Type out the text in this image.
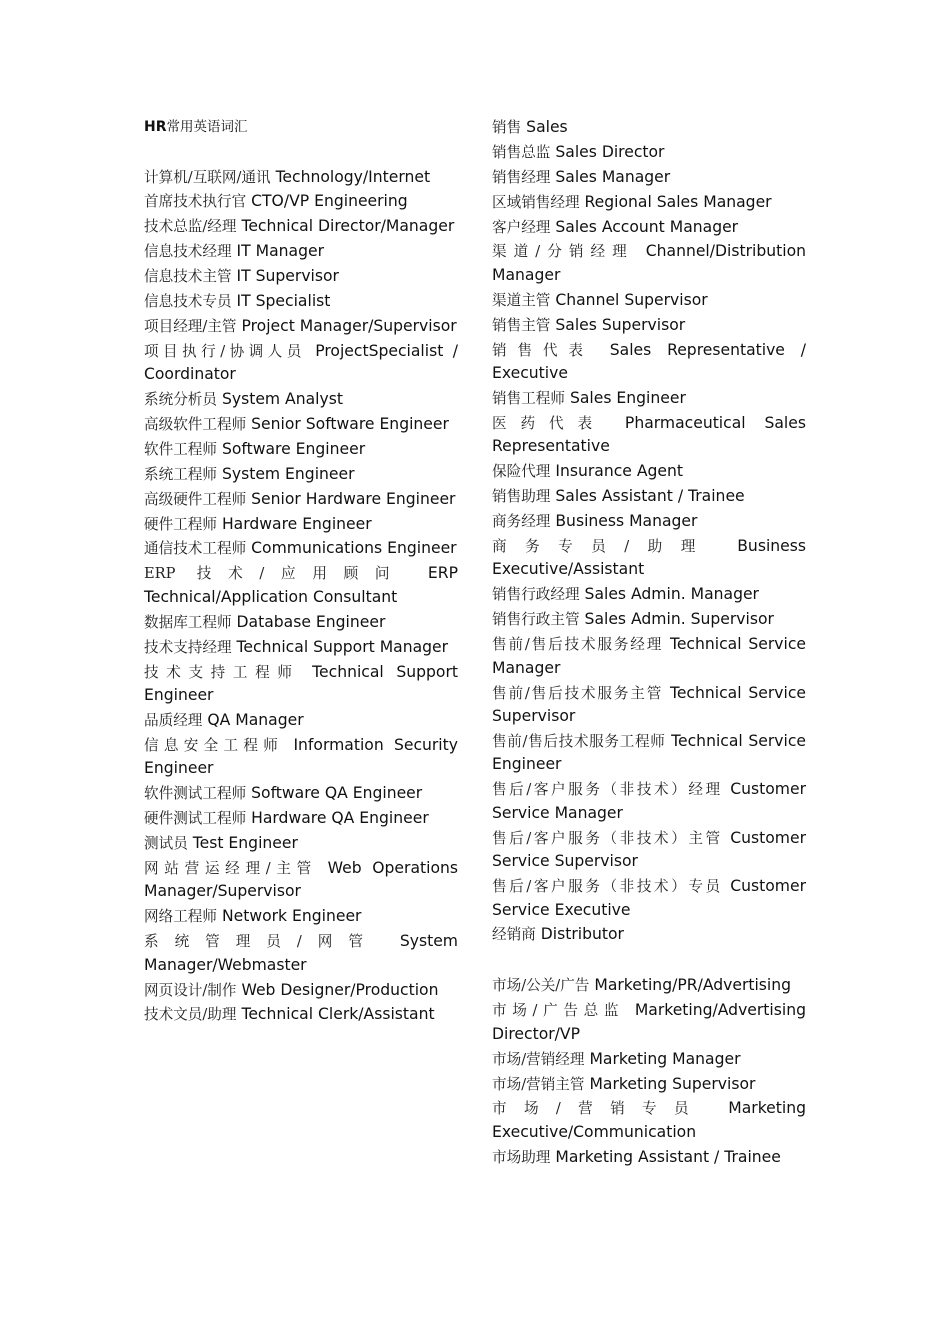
HR常用英语词汇
计算机/互联网/通讯 Technology/Internet
首席技术执行官 CTO/VP Engineering
技术总监/经理 Technical Director/Manager
信息技术经理 IT Manager
信息技术主管 IT Supervisor
信息技术专员 IT Specialist
项目经理/主管 Project Manager/Supervisor
项目执行/协调人员 ProjectSpecialist / Coordinator
系统分析员 System Analyst
高级软件工程师 Senior Software Engineer
软件工程师 Software Engineer
系统工程师 System Engineer
高级硬件工程师 Senior Hardware Engineer
硬件工程师 Hardware Engineer
通信技术工程师 Communications Engineer
ERP 技术/应用顾问 ERP Technical/Application Consultant
数据库工程师 Database Engineer
技术支持经理 Technical Support Manager
技术支持工程师 Technical Support Engineer
品质经理 QA Manager
信息安全工程师 Information Security Engineer
软件测试工程师 Software QA Engineer
硬件测试工程师 Hardware QA Engineer
测试员 Test Engineer
网站营运经理/主管 Web Operations Manager/Supervisor
网络工程师 Network Engineer
系统管理员/网管 System Manager/Webmaster
网页设计/制作 Web Designer/Production
技术文员/助理 Technical Clerk/Assistant
销售 Sales
销售总监 Sales Director
销售经理 Sales Manager
区域销售经理 Regional Sales Manager
客户经理 Sales Account Manager
渠道/分销经理 Channel/Distribution Manager
渠道主管 Channel Supervisor
销售主管 Sales Supervisor
销售代表 Sales Representative / Executive
销售工程师 Sales Engineer
医药代表 Pharmaceutical Sales Representative
保险代理 Insurance Agent
销售助理 Sales Assistant / Trainee
商务经理 Business Manager
商务专员/助理 Business Executive/Assistant
销售行政经理 Sales Admin. Manager
销售行政主管 Sales Admin. Supervisor
售前/售后技术服务经理 Technical Service Manager
售前/售后技术服务主管 Technical Service Supervisor
售前/售后技术服务工程师 Technical Service Engineer
售后/客户服务（非技术）经理 Customer Service Manager
售后/客户服务（非技术）主管 Customer Service Supervisor
售后/客户服务（非技术）专员 Customer Service Executive
经销商 Distributor
市场/公关/广告 Marketing/PR/Advertising
市场/广告总监 Marketing/Advertising Director/VP
市场/营销经理 Marketing Manager
市场/营销主管 Marketing Supervisor
市场/营销专员 Marketing Executive/Communication
市场助理 Marketing Assistant / Trainee
